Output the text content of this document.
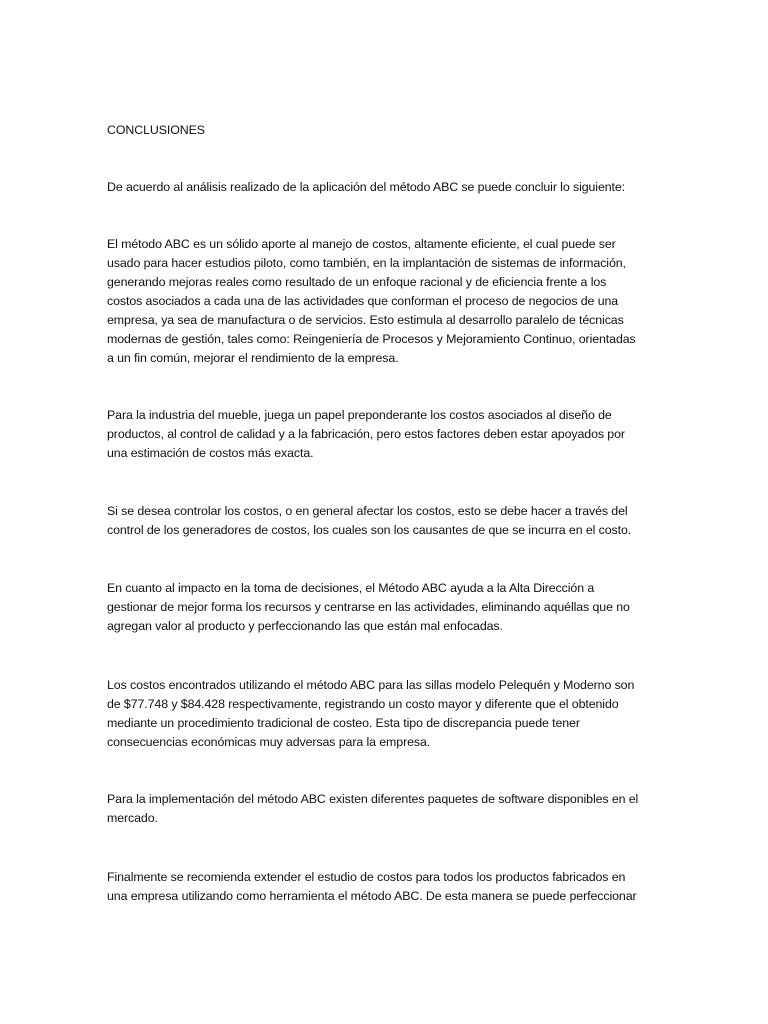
CONCLUSIONES

De acuerdo al análisis realizado de la aplicación del método ABC se puede concluir lo siguiente:

El método ABC es un sólido aporte al manejo de costos, altamente eficiente, el cual puede ser
usado para hacer estudios piloto, como también, en la implantación de sistemas de información,
generando mejoras reales como resultado de un enfoque racional y de eficiencia frente a los
costos asociados a cada una de las actividades que conforman el proceso de negocios de una
empresa, ya sea de manufactura o de servicios. Esto estimula al desarrollo paralelo de técnicas
modernas de gestión, tales como: Reingeniería de Procesos y Mejoramiento Continuo, orientadas
a un fin común, mejorar el rendimiento de la empresa.

Para la industria del mueble, juega un papel preponderante los costos asociados al diseño de
productos, al control de calidad y a la fabricación, pero estos factores deben estar apoyados por
una estimación de costos más exacta.

Si se desea controlar los costos, o en general afectar los costos, esto se debe hacer a través del
control de los generadores de costos, los cuales son los causantes de que se incurra en el costo.

En cuanto al impacto en la toma de decisiones, el Método ABC ayuda a la Alta Dirección a
gestionar de mejor forma los recursos y centrarse en las actividades, eliminando aquéllas que no
agregan valor al producto y perfeccionando las que están mal enfocadas.

Los costos encontrados utilizando el método ABC para las sillas modelo Pelequén y Moderno son
de $77.748 y $84.428 respectivamente, registrando un costo mayor y diferente que el obtenido
mediante un procedimiento tradicional de costeo. Esta tipo de discrepancia puede tener
consecuencias económicas muy adversas para la empresa.

Para la implementación del método ABC existen diferentes paquetes de software disponibles en el
mercado.

Finalmente se recomienda extender el estudio de costos para todos los productos fabricados en
una empresa utilizando como herramienta el método ABC. De esta manera se puede perfeccionar
